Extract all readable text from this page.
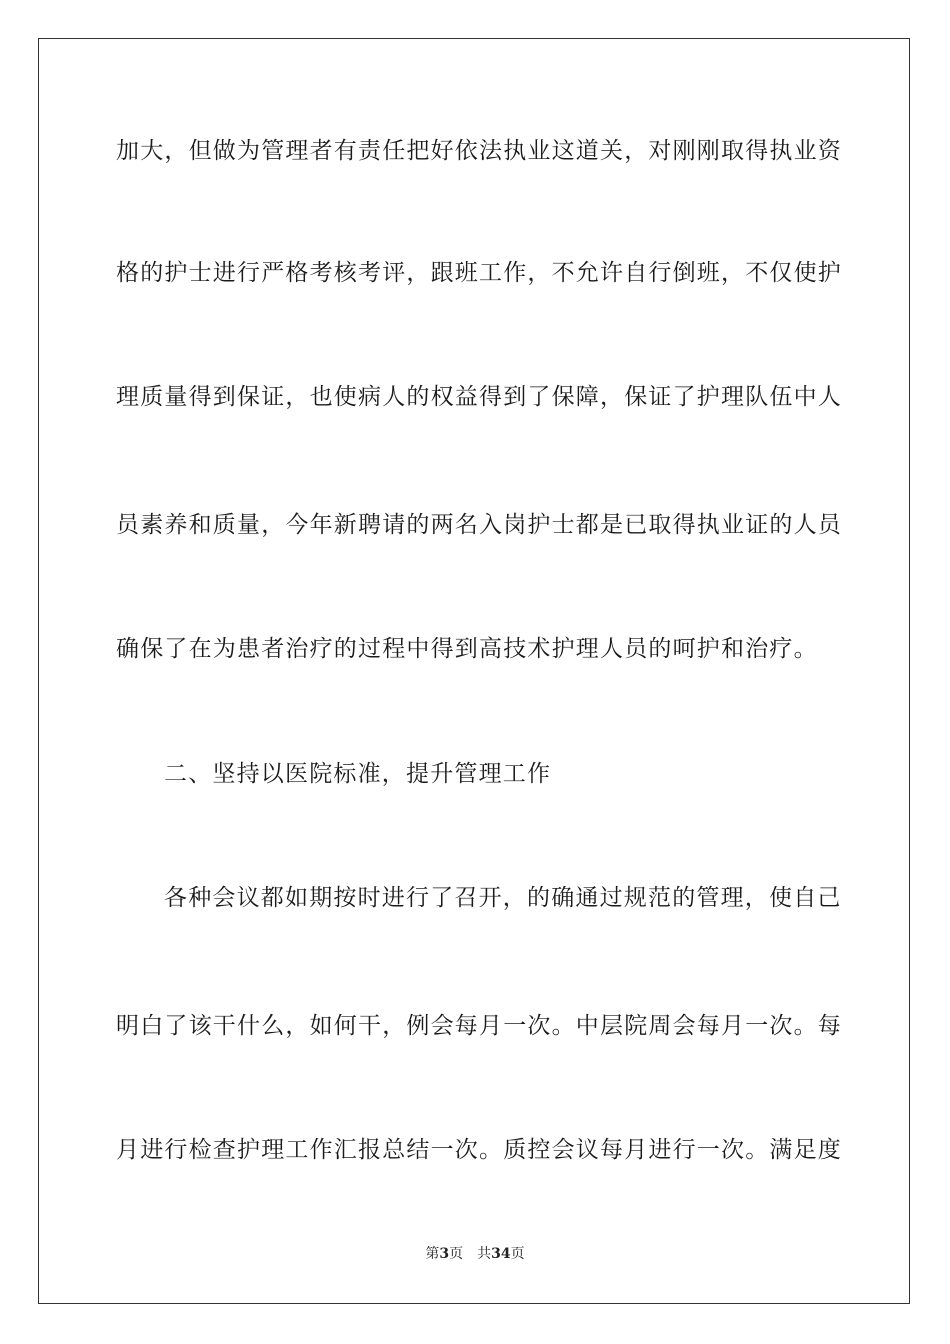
加大，但做为管理者有责任把好依法执业这道关，对刚刚取得执业资
格的护士进行严格考核考评，跟班工作，不允许自行倒班，不仅使护
理质量得到保证，也使病人的权益得到了保障，保证了护理队伍中人
员素养和质量，今年新聘请的两名入岗护士都是已取得执业证的人员
确保了在为患者治疗的过程中得到高技术护理人员的呵护和治疗。
二、坚持以医院标准，提升管理工作
各种会议都如期按时进行了召开，的确通过规范的管理，使自己
明白了该干什么，如何干，例会每月一次。中层院周会每月一次。每
月进行检查护理工作汇报总结一次。质控会议每月进行一次。满足度
第3页 共34页
